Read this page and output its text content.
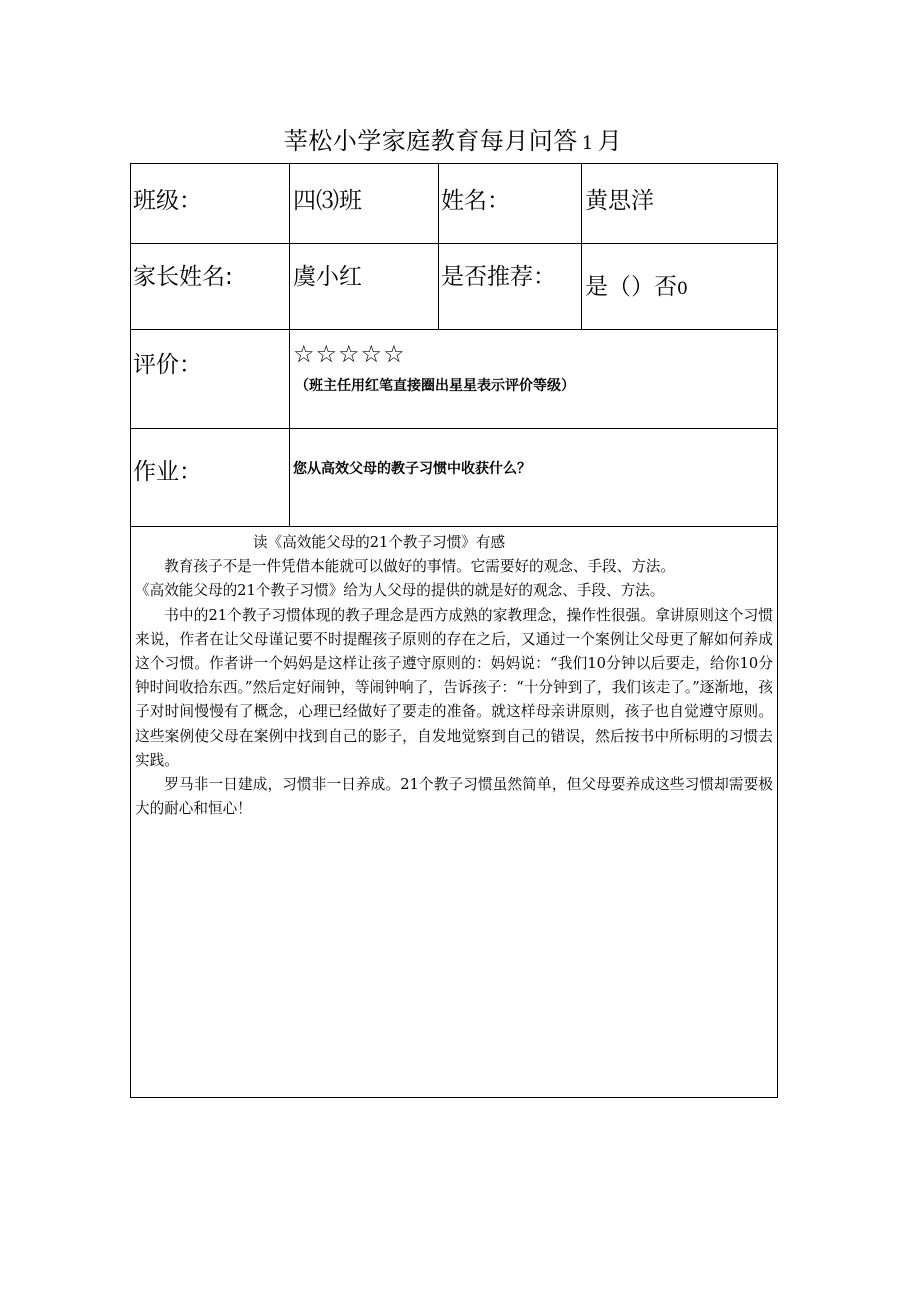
莘松小学家庭教育每月问答 1 月
班级：	四⑶班	姓名：	黄思洋
家长姓名:	虞小红	是否推荐：	是（）否0
评价：	☆☆☆☆☆
（班主任用红笔直接圈出星星表示评价等级）		

作业：	您从高效父母的教子习惯中收获什么？		

读《高效能父母的21个教子习惯》有感

教育孩子不是一件凭借本能就可以做好的事情。它需要好的观念、手段、方法。

《高效能父母的21个教子习惯》给为人父母的提供的就是好的观念、手段、方法。

书中的21个教子习惯体现的教子理念是西方成熟的家教理念，操作性很强。拿讲原则这个习惯来说，作者在让父母谨记要不时提醒孩子原则的存在之后，又通过一个案例让父母更了解如何养成这个习惯。作者讲一个妈妈是这样让孩子遵守原则的：妈妈说：“我们10分钟以后要走，给你10分钟时间收拾东西。”然后定好闹钟，等闹钟响了，告诉孩子：“十分钟到了，我们该走了。”逐渐地，孩子对时间慢慢有了概念，心理已经做好了要走的准备。就这样母亲讲原则，孩子也自觉遵守原则。这些案例使父母在案例中找到自己的影子，自发地觉察到自己的错误，然后按书中所标明的习惯去实践。

罗马非一日建成，习惯非一日养成。21个教子习惯虽然简单，但父母要养成这些习惯却需要极大的耐心和恒心！			
